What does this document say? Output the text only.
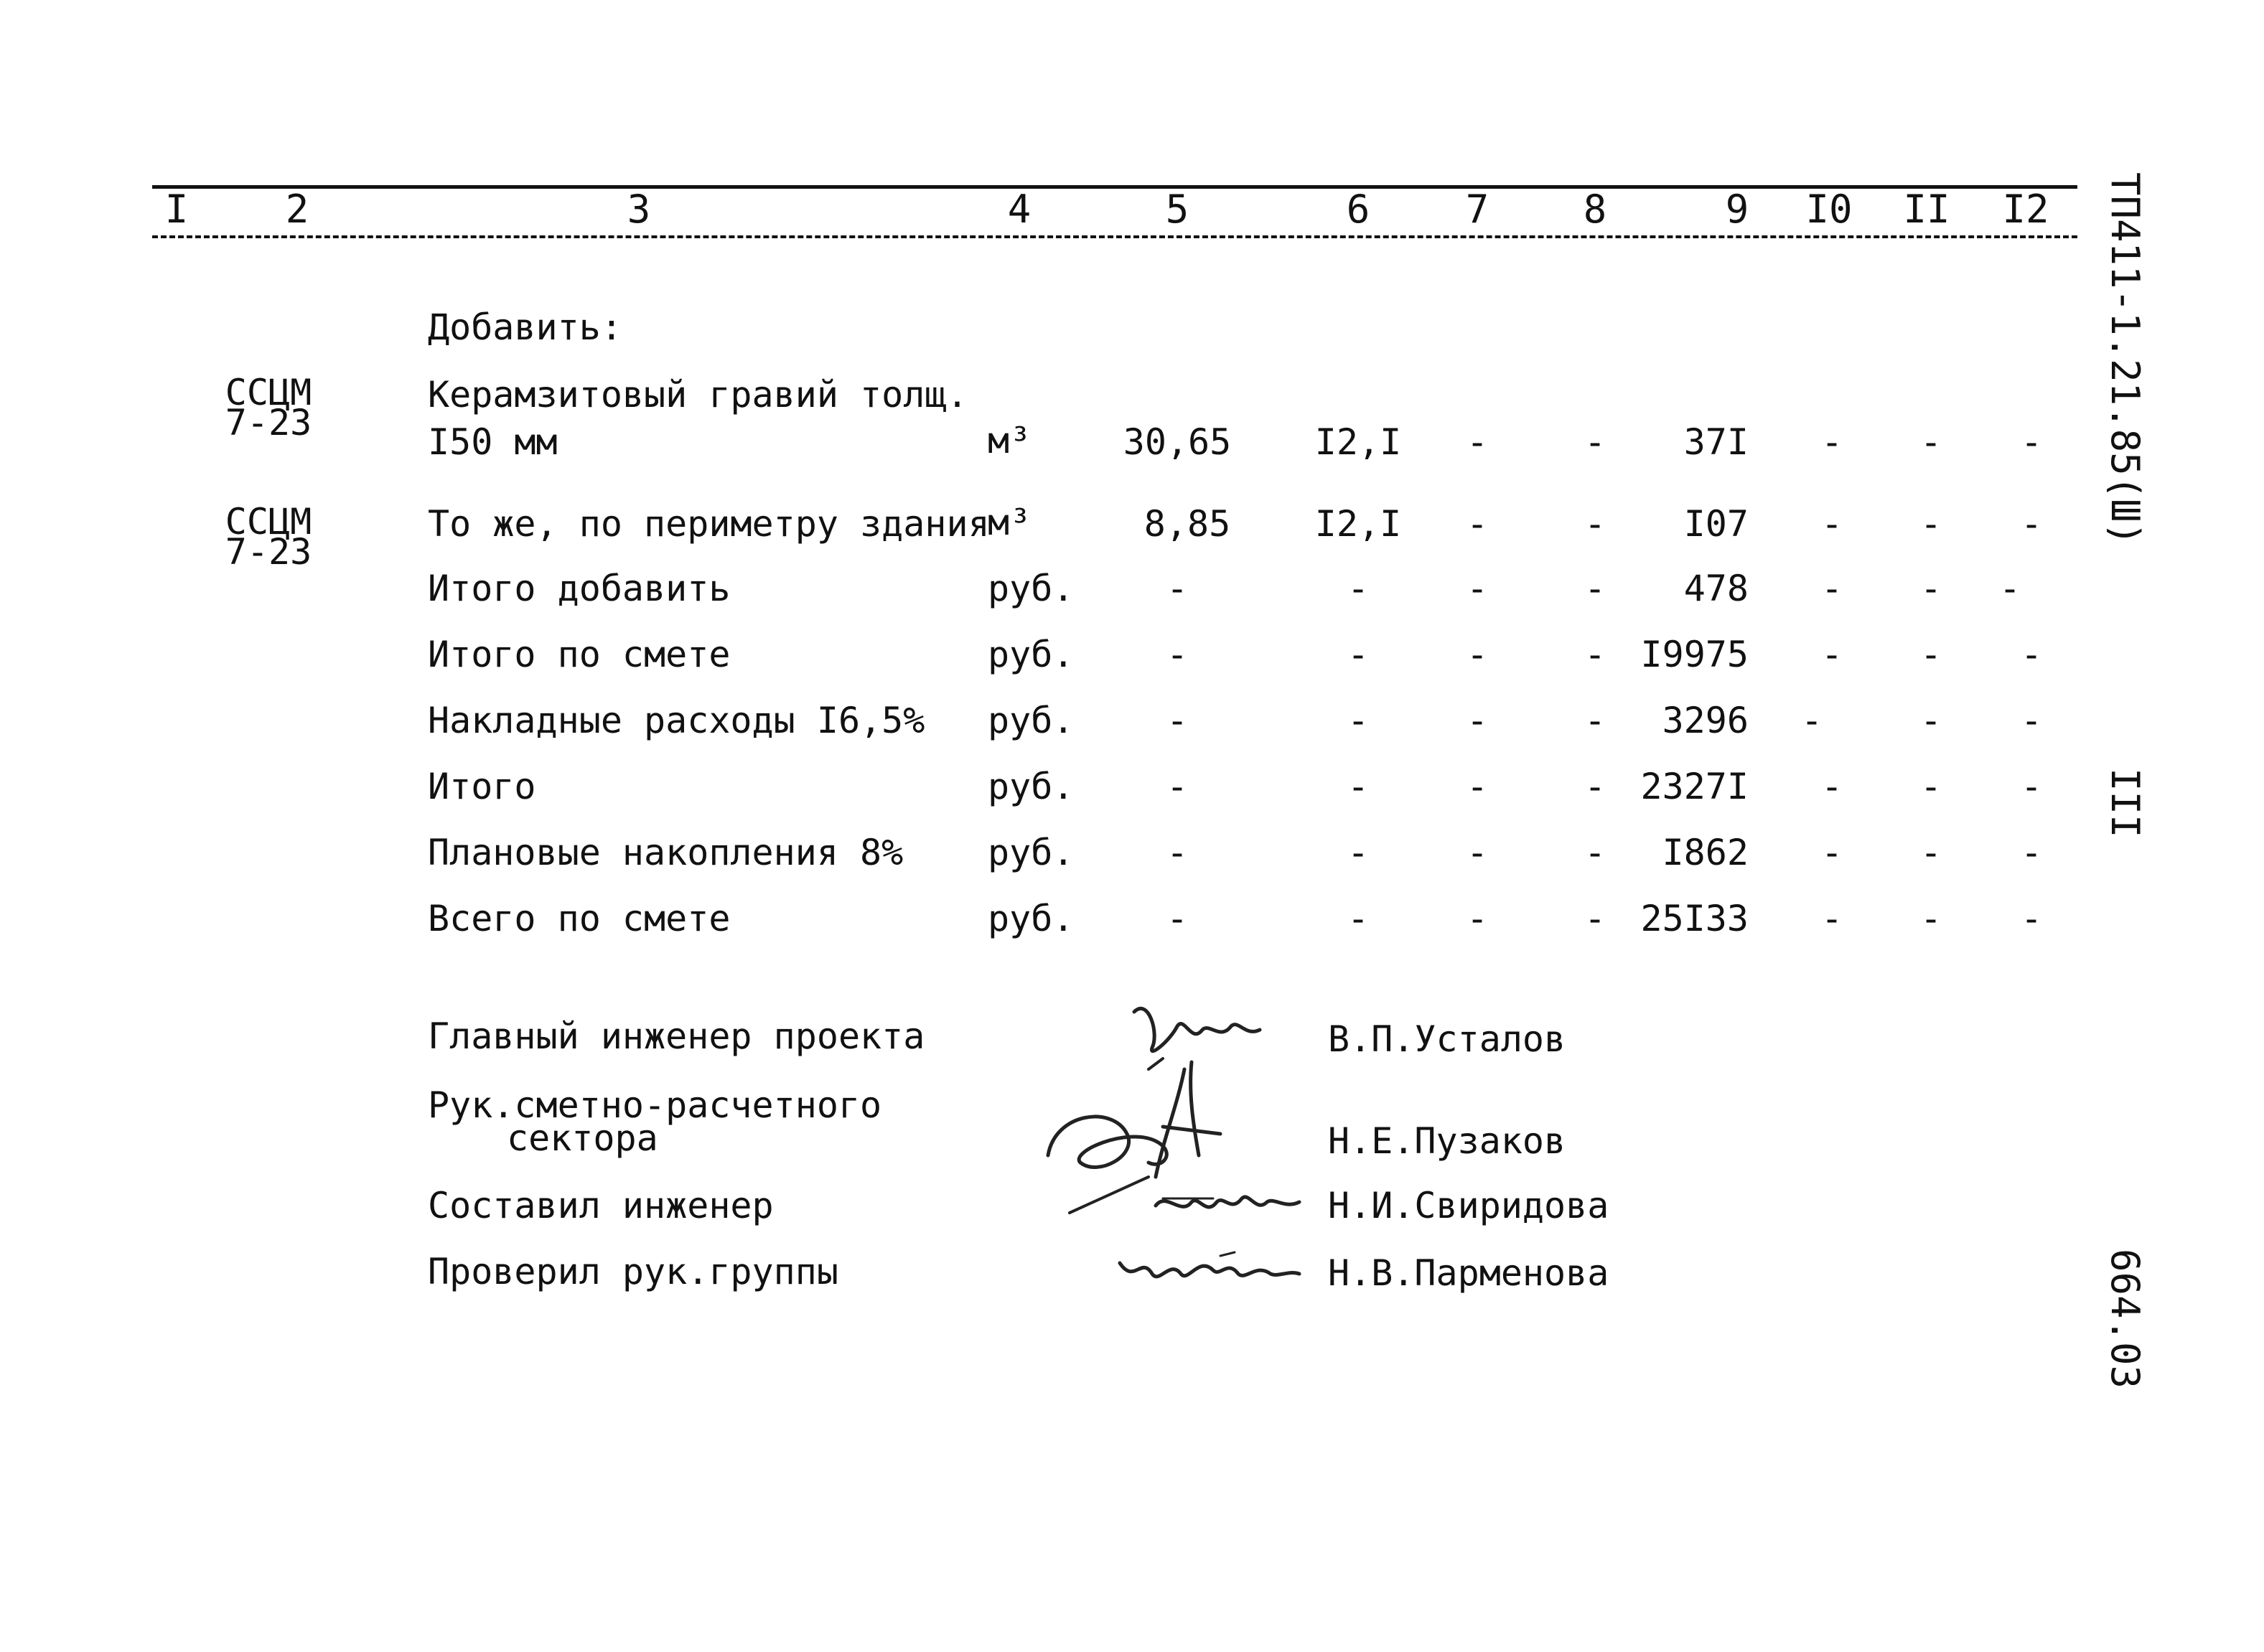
I	2	3	4	5	6 7 8	9 I0 II I2 ТП411-1.21.85(Ш)
III
664.03
Добавить:
ССЦМ
7-23
Керамзитовый гравий толщ.
I50 мм	м³	30,65 I2,I -	- 37I - - -
ССЦМ
7-23
То же, по периметру здания
м³	8,85 I2,I -	- I07 - - -
Итого добавить	руб.	-	-	-	- 478 - - -
Итого по смете	руб.	-	-	-	- I9975 - - -
Накладные расходы I6,5% руб.	-	-	-	- 3296 -	- -
Итого	руб.	-	-	-	- 2327I - - -
Плановые накопления 8% руб.	-	-	-	- I862 - - -
Всего по смете	руб.	-	-	-	- 25I33 - - -
Главный инженер проекта	В.П.Усталов
Рук.сметно-расчетного
сектора	Н.Е.Пузаков
Составил инженер	Н.И.Свиридова
Проверил рук.группы	Н.В.Парменова
